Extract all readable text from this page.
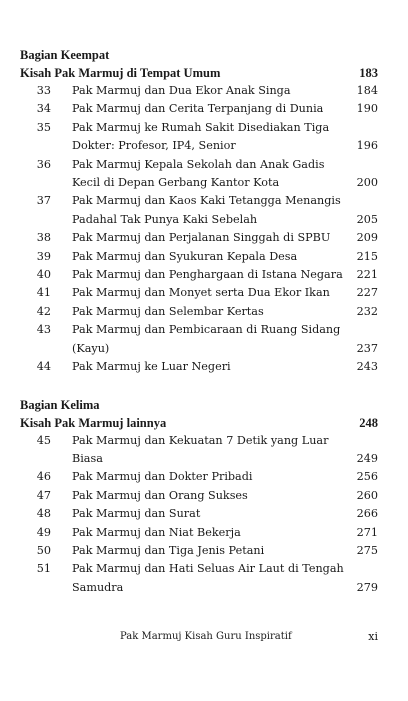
Bagian Keempat
Kisah Pak Marmuj di Tempat Umum	183
33 Pak Marmuj dan Dua Ekor Anak Singa	184
34 Pak Marmuj dan Cerita Terpanjang di Dunia	190
35 Pak Marmuj ke Rumah Sakit Disediakan Tiga
Dokter: Profesor, IP4, Senior	196
36 Pak Marmuj Kepala Sekolah dan Anak Gadis
Kecil di Depan Gerbang Kantor Kota	200
37 Pak Marmuj dan Kaos Kaki Tetangga Menangis
Padahal Tak Punya Kaki Sebelah	205
38 Pak Marmuj dan Perjalanan Singgah di SPBU	209
39 Pak Marmuj dan Syukuran Kepala Desa	215
40 Pak Marmuj dan Penghargaan di Istana Negara	221
41 Pak Marmuj dan Monyet serta Dua Ekor Ikan	227
42 Pak Marmuj dan Selembar Kertas	232
43 Pak Marmuj dan Pembicaraan di Ruang Sidang
(Kayu)	237
44 Pak Marmuj ke Luar Negeri	243
Bagian Kelima
Kisah Pak Marmuj lainnya	248
45 Pak Marmuj dan Kekuatan 7 Detik yang Luar
Biasa	249
46 Pak Marmuj dan Dokter Pribadi	256
47 Pak Marmuj dan Orang Sukses	260
48 Pak Marmuj dan Surat	266
49 Pak Marmuj dan Niat Bekerja	271
50 Pak Marmuj dan Tiga Jenis Petani	275
51 Pak Marmuj dan Hati Seluas Air Laut di Tengah
Samudra	279
Pak Marmuj Kisah Guru Inspiratif	xi
